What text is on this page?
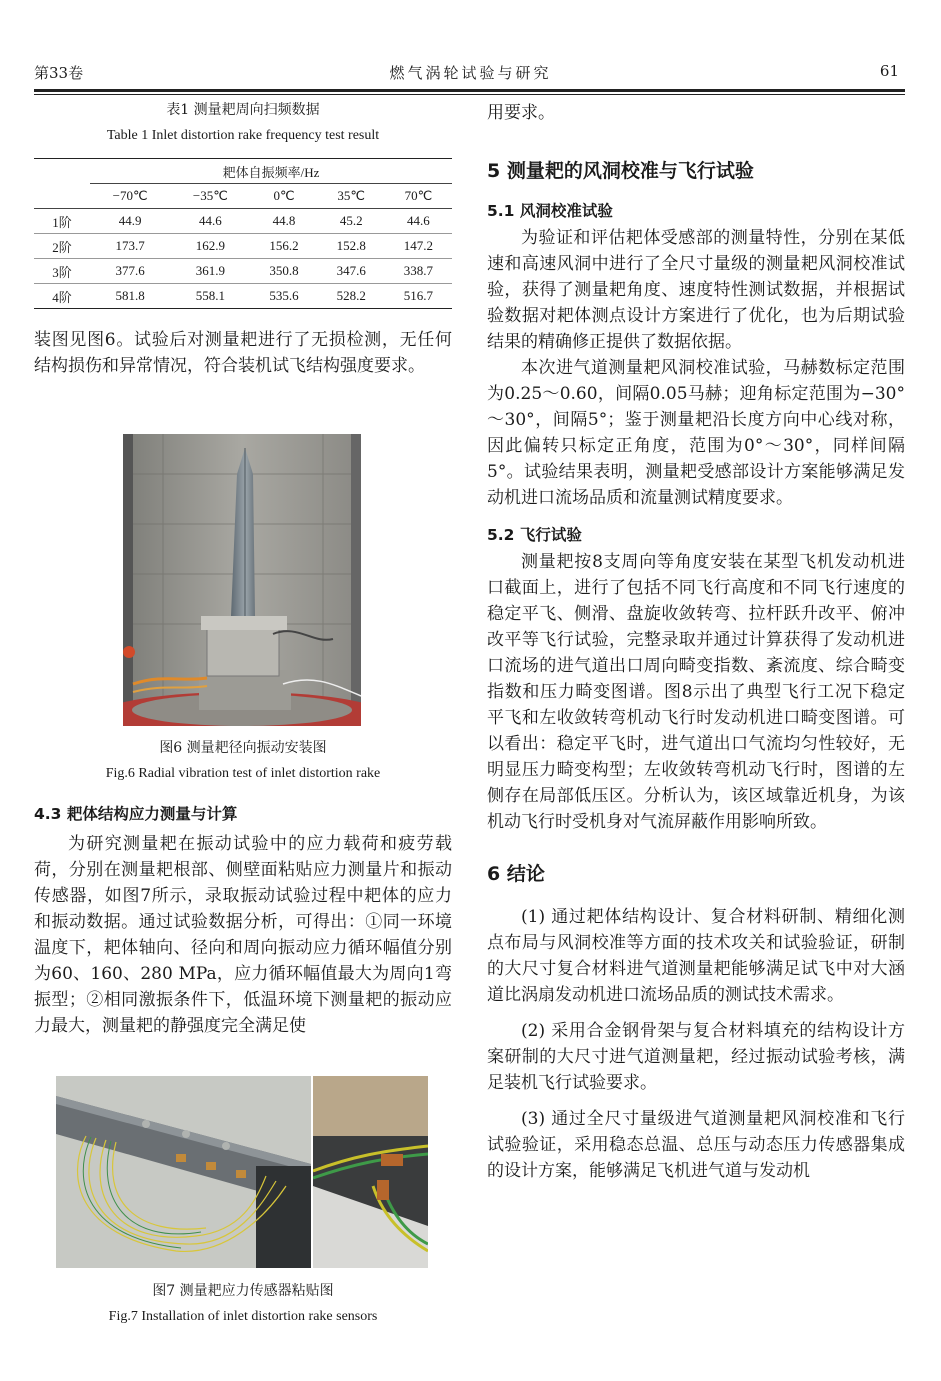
第33卷	燃气涡轮试验与研究	61
表1 测量耙周向扫频数据
Table 1 Inlet distortion rake frequency test result
	耙体自振频率/Hz				
	−70℃	−35℃	0℃	35℃	70℃
1阶	44.9	44.6	44.8	45.2	44.6
2阶	173.7	162.9	156.2	152.8	147.2
3阶	377.6	361.9	350.8	347.6	338.7
4阶	581.8	558.1	535.6	528.2	516.7

装图见图6。试验后对测量耙进行了无损检测，无任何结构损伤和异常情况，符合装机试飞结构强度要求。

图6 测量耙径向振动安装图
Fig.6 Radial vibration test of inlet distortion rake
4.3 耙体结构应力测量与计算

为研究测量耙在振动试验中的应力载荷和疲劳载荷，分别在测量耙根部、侧壁面粘贴应力测量片和振动传感器，如图7所示，录取振动试验过程中耙体的应力和振动数据。通过试验数据分析，可得出：①同一环境温度下，耙体轴向、径向和周向振动应力循环幅值分别为60、160、280 MPa，应力循环幅值最大为周向1弯振型；②相同激振条件下，低温环境下测量耙的振动应力最大，测量耙的静强度完全满足使

图7 测量耙应力传感器粘贴图
Fig.7 Installation of inlet distortion rake sensors

用要求。

5 测量耙的风洞校准与飞行试验
5.1 风洞校准试验

为验证和评估耙体受感部的测量特性，分别在某低速和高速风洞中进行了全尺寸量级的测量耙风洞校准试验，获得了测量耙角度、速度特性测试数据，并根据试验数据对耙体测点设计方案进行了优化，也为后期试验结果的精确修正提供了数据依据。

本次进气道测量耙风洞校准试验，马赫数标定范围为0.25～0.60，间隔0.05马赫；迎角标定范围为−30°～30°，间隔5°；鉴于测量耙沿长度方向中心线对称，因此偏转只标定正角度，范围为0°～30°，同样间隔5°。试验结果表明，测量耙受感部设计方案能够满足发动机进口流场品质和流量测试精度要求。

5.2 飞行试验

测量耙按8支周向等角度安装在某型飞机发动机进口截面上，进行了包括不同飞行高度和不同飞行速度的稳定平飞、侧滑、盘旋收敛转弯、拉杆跃升改平、俯冲改平等飞行试验，完整录取并通过计算获得了发动机进口流场的进气道出口周向畸变指数、紊流度、综合畸变指数和压力畸变图谱。图8示出了典型飞行工况下稳定平飞和左收敛转弯机动飞行时发动机进口畸变图谱。可以看出：稳定平飞时，进气道出口气流均匀性较好，无明显压力畸变构型；左收敛转弯机动飞行时，图谱的左侧存在局部低压区。分析认为，该区域靠近机身，为该机动飞行时受机身对气流屏蔽作用影响所致。

6 结论

(1) 通过耙体结构设计、复合材料研制、精细化测点布局与风洞校准等方面的技术攻关和试验验证，研制的大尺寸复合材料进气道测量耙能够满足试飞中对大涵道比涡扇发动机进口流场品质的测试技术需求。

(2) 采用合金钢骨架与复合材料填充的结构设计方案研制的大尺寸进气道测量耙，经过振动试验考核，满足装机飞行试验要求。

(3) 通过全尺寸量级进气道测量耙风洞校准和飞行试验验证，采用稳态总温、总压与动态压力传感器集成的设计方案，能够满足飞机进气道与发动机
